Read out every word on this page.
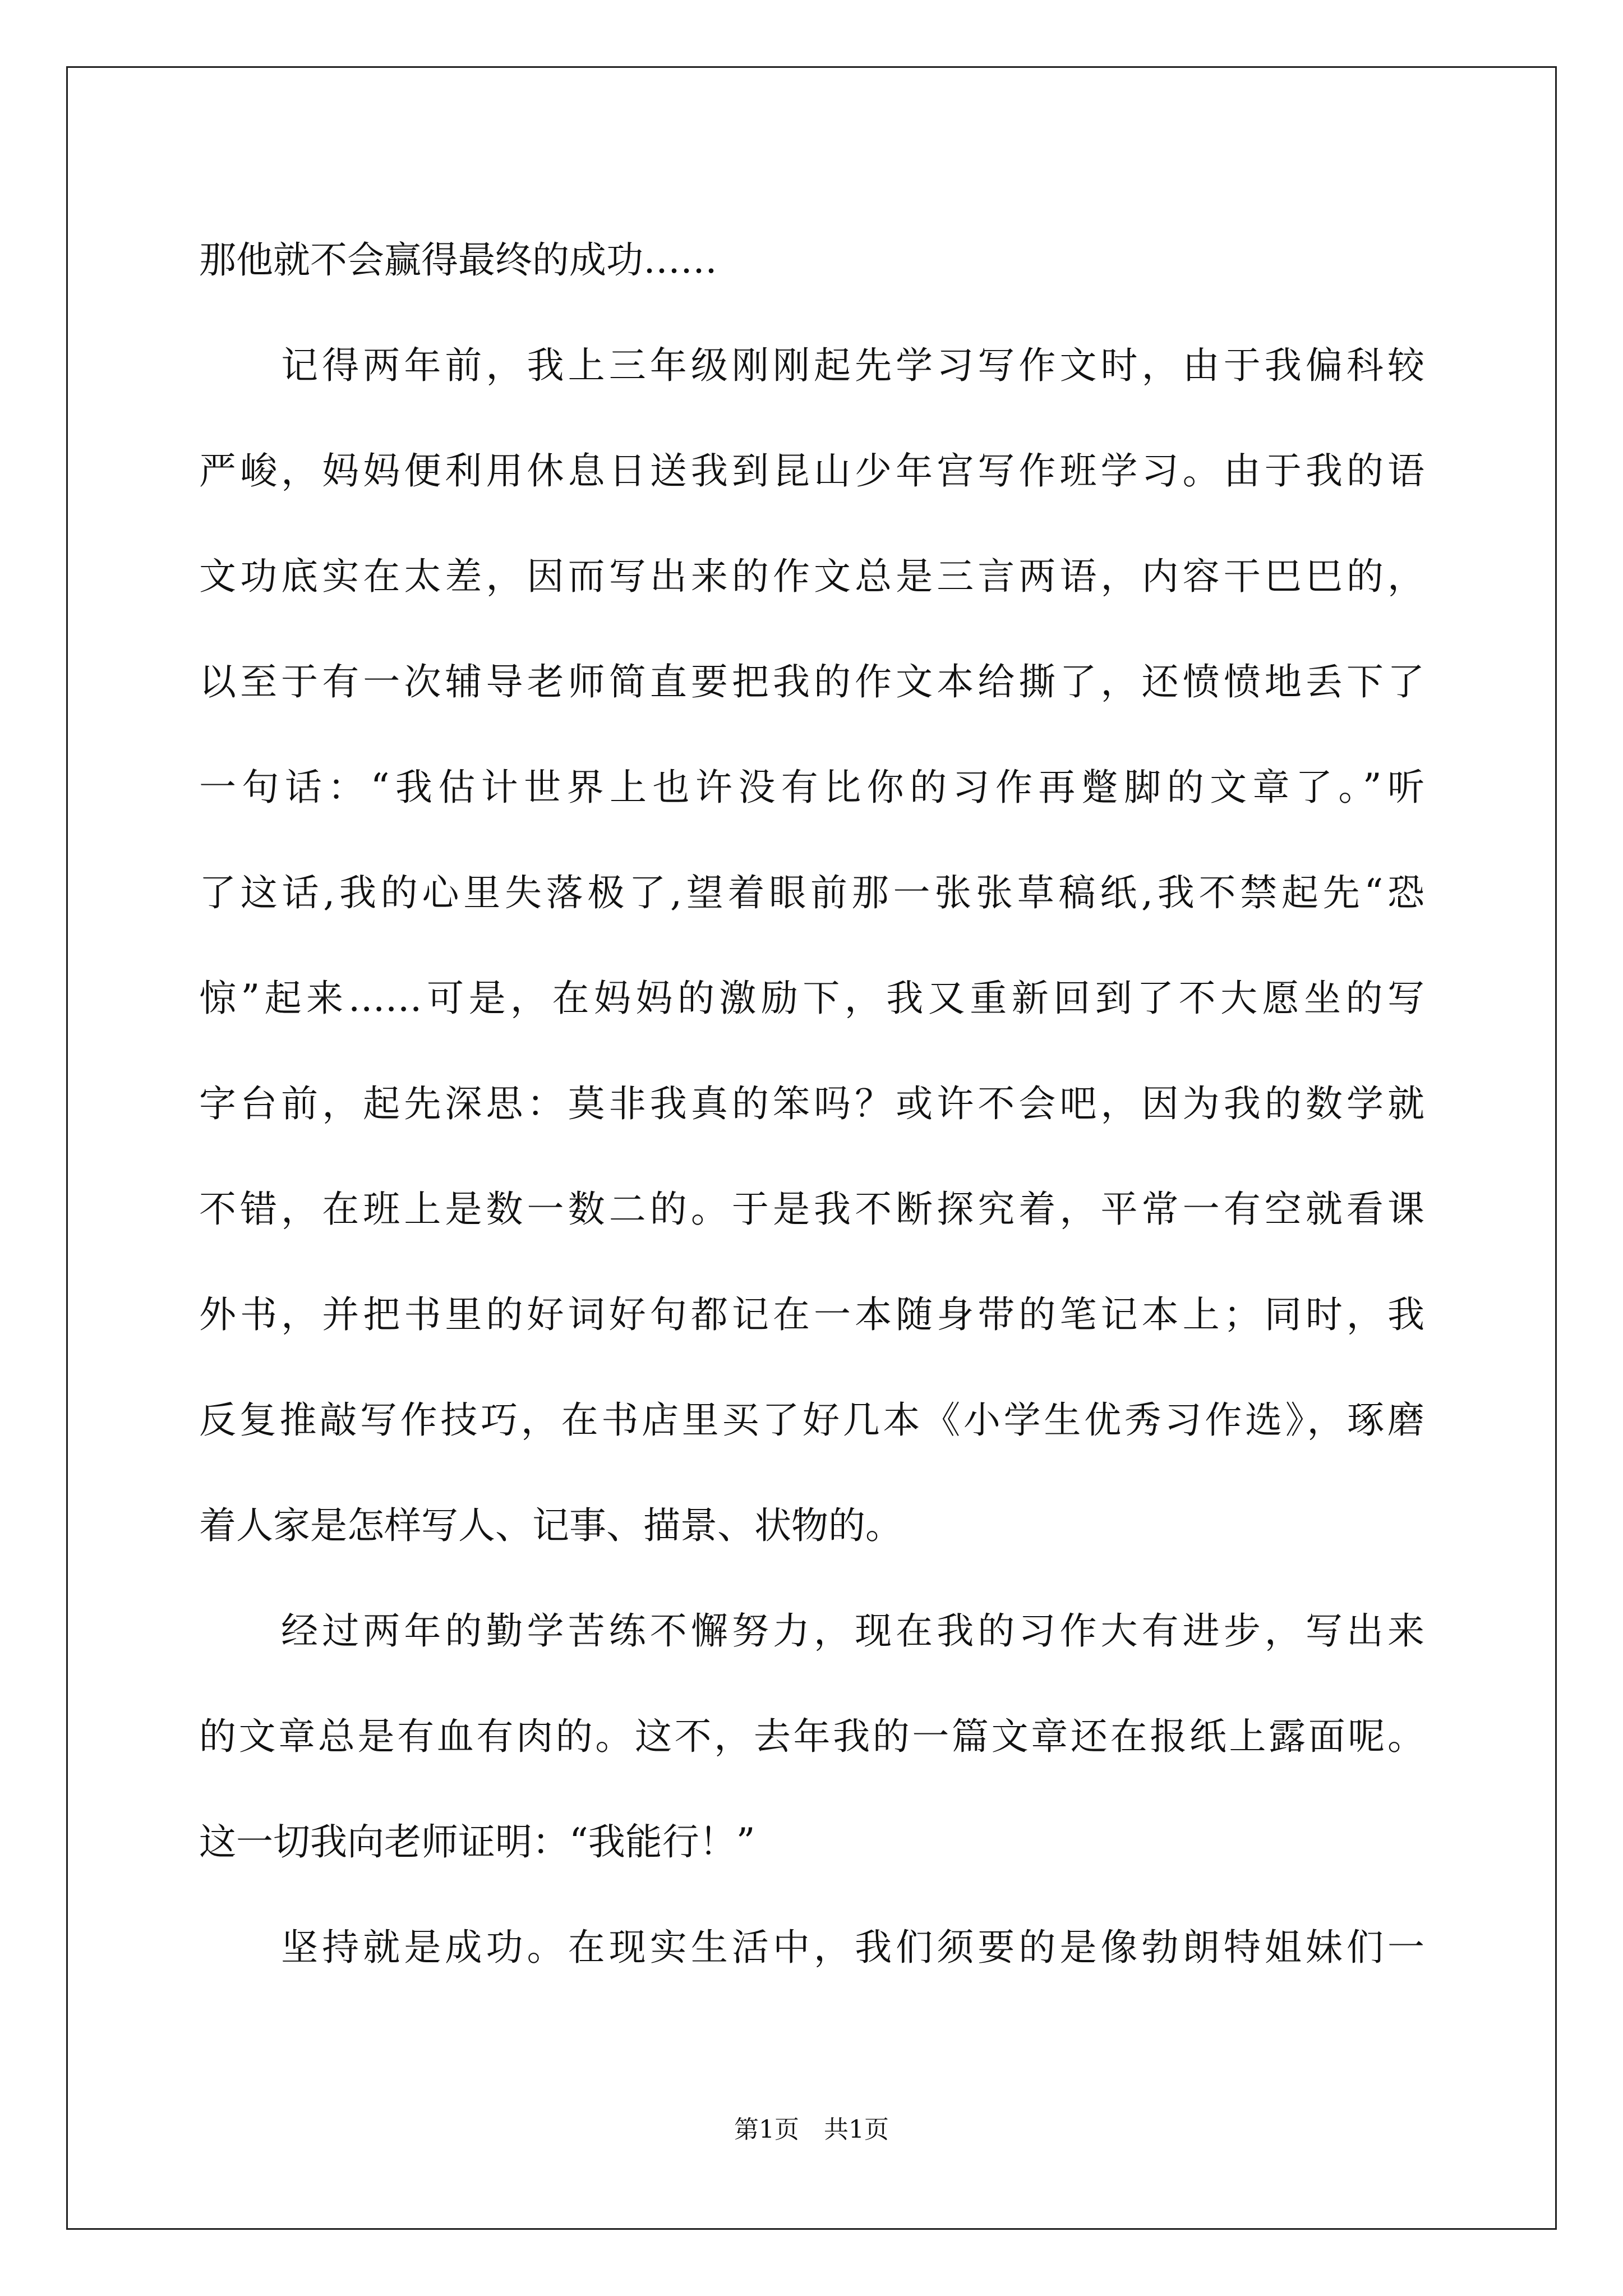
那他就不会赢得最终的成功……
　　记得两年前，我上三年级刚刚起先学习写作文时，由于我偏科较
严峻，妈妈便利用休息日送我到昆山少年宫写作班学习。由于我的语
文功底实在太差，因而写出来的作文总是三言两语，内容干巴巴的，
以至于有一次辅导老师简直要把我的作文本给撕了，还愤愤地丢下了
一句话：“我估计世界上也许没有比你的习作再蹩脚的文章了。”听
了这话,我的心里失落极了,望着眼前那一张张草稿纸,我不禁起先“恐
惊”起来……可是，在妈妈的激励下，我又重新回到了不大愿坐的写
字台前，起先深思：莫非我真的笨吗？或许不会吧，因为我的数学就
不错，在班上是数一数二的。于是我不断探究着，平常一有空就看课
外书，并把书里的好词好句都记在一本随身带的笔记本上；同时，我
反复推敲写作技巧，在书店里买了好几本《小学生优秀习作选》，琢磨
着人家是怎样写人、记事、描景、状物的。
　　经过两年的勤学苦练不懈努力，现在我的习作大有进步，写出来
的文章总是有血有肉的。这不，去年我的一篇文章还在报纸上露面呢。
这一切我向老师证明：“我能行！”
　　坚持就是成功。在现实生活中，我们须要的是像勃朗特姐妹们一
第1页　共1页
